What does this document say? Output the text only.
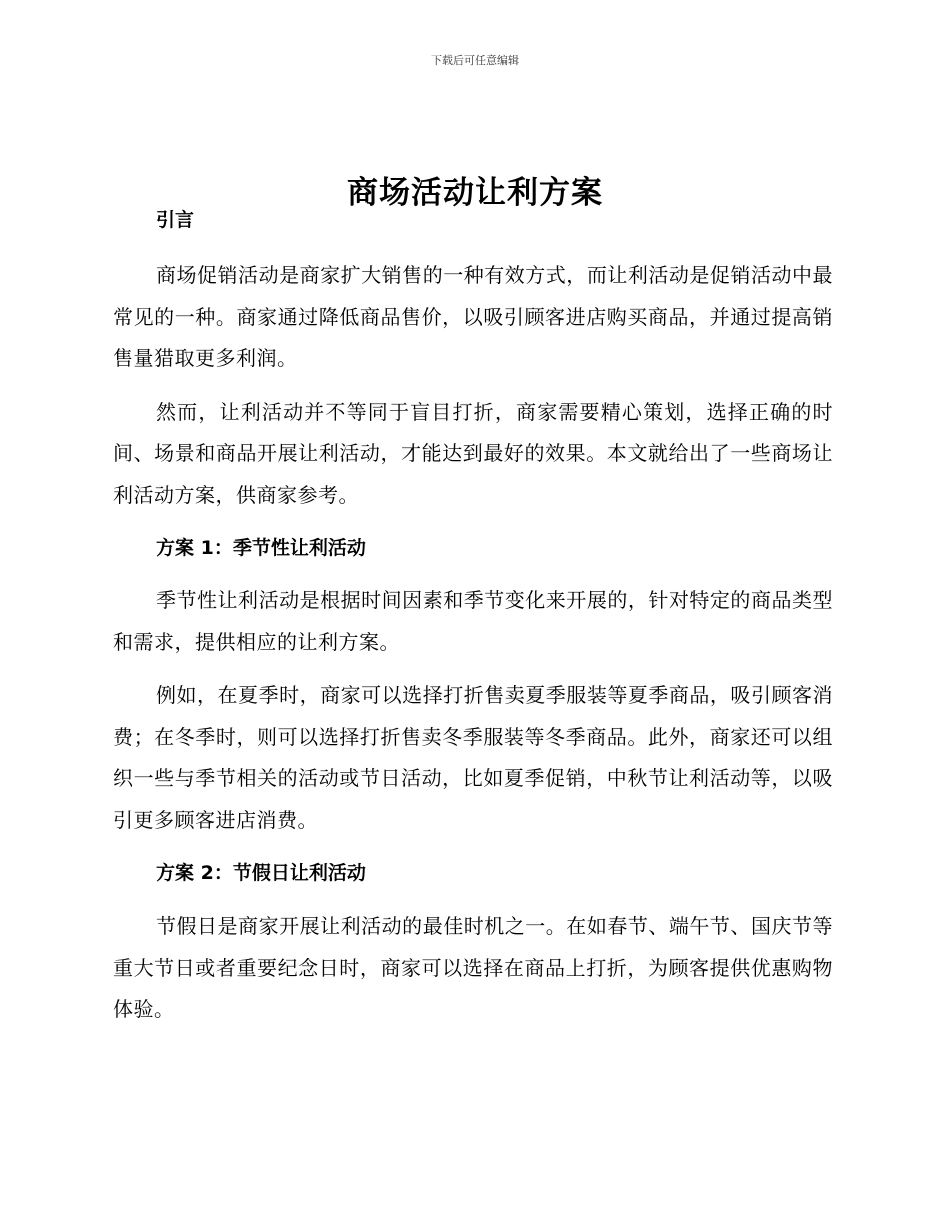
下载后可任意编辑
商场活动让利方案
引言

商场促销活动是商家扩大销售的一种有效方式，而让利活动是促销活动中最常见的一种。商家通过降低商品售价，以吸引顾客进店购买商品，并通过提高销售量猎取更多利润。

然而，让利活动并不等同于盲目打折，商家需要精心策划，选择正确的时间、场景和商品开展让利活动，才能达到最好的效果。本文就给出了一些商场让利活动方案，供商家参考。

方案 1：季节性让利活动

季节性让利活动是根据时间因素和季节变化来开展的，针对特定的商品类型和需求，提供相应的让利方案。

例如，在夏季时，商家可以选择打折售卖夏季服装等夏季商品，吸引顾客消费；在冬季时，则可以选择打折售卖冬季服装等冬季商品。此外，商家还可以组织一些与季节相关的活动或节日活动，比如夏季促销，中秋节让利活动等，以吸引更多顾客进店消费。

方案 2：节假日让利活动

节假日是商家开展让利活动的最佳时机之一。在如春节、端午节、国庆节等重大节日或者重要纪念日时，商家可以选择在商品上打折，为顾客提供优惠购物体验。
